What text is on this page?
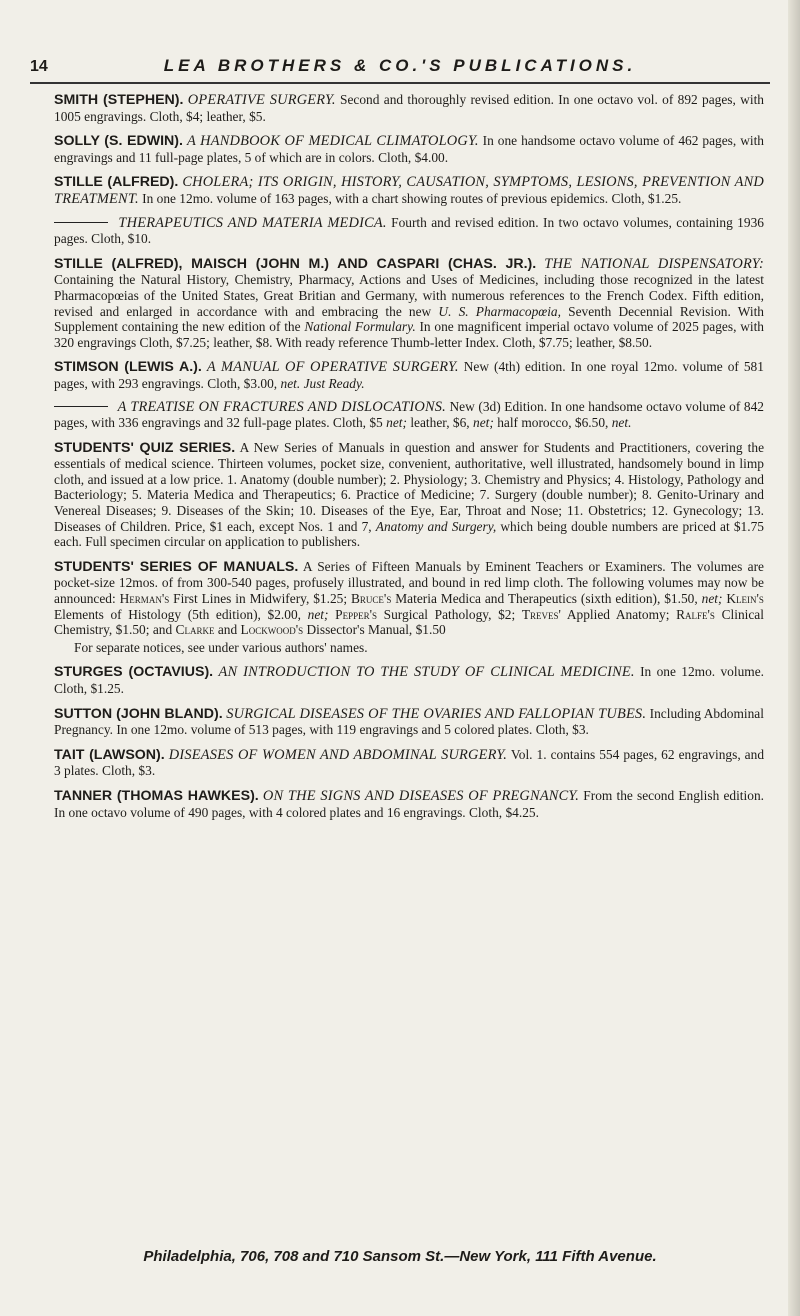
14	LEA BROTHERS & CO.'S PUBLICATIONS.

SMITH (STEPHEN). OPERATIVE SURGERY. Second and thoroughly revised edition. In one octavo vol. of 892 pages, with 1005 engravings. Cloth, $4; leather, $5.

SOLLY (S. EDWIN). A HANDBOOK OF MEDICAL CLIMATOLOGY. In one handsome octavo volume of 462 pages, with engravings and 11 full-page plates, 5 of which are in colors. Cloth, $4.00.

STILLE (ALFRED). CHOLERA; ITS ORIGIN, HISTORY, CAUSATION, SYMPTOMS, LESIONS, PREVENTION AND TREATMENT. In one 12mo. volume of 163 pages, with a chart showing routes of previous epidemics. Cloth, $1.25.

THERAPEUTICS AND MATERIA MEDICA. Fourth and revised edition. In two octavo volumes, containing 1936 pages. Cloth, $10.

STILLE (ALFRED), MAISCH (JOHN M.) AND CASPARI (CHAS. JR.). THE NATIONAL DISPENSATORY: Containing the Natural History, Chemistry, Pharmacy, Actions and Uses of Medicines, including those recognized in the latest Pharmacopœias of the United States, Great Britian and Germany, with numerous references to the French Codex. Fifth edition, revised and enlarged in accordance with and embracing the new U. S. Pharmacopœia, Seventh Decennial Revision. With Supplement containing the new edition of the National Formulary. In one magnificent imperial octavo volume of 2025 pages, with 320 engravings Cloth, $7.25; leather, $8. With ready reference Thumb-letter Index. Cloth, $7.75; leather, $8.50.

STIMSON (LEWIS A.). A MANUAL OF OPERATIVE SURGERY. New (4th) edition. In one royal 12mo. volume of 581 pages, with 293 engravings. Cloth, $3.00, net. Just Ready.

A TREATISE ON FRACTURES AND DISLOCATIONS. New (3d) Edition. In one handsome octavo volume of 842 pages, with 336 engravings and 32 full-page plates. Cloth, $5 net; leather, $6, net; half morocco, $6.50, net.

STUDENTS' QUIZ SERIES. A New Series of Manuals in question and answer for Students and Practitioners, covering the essentials of medical science. Thirteen volumes, pocket size, convenient, authoritative, well illustrated, handsomely bound in limp cloth, and issued at a low price. 1. Anatomy (double number); 2. Physiology; 3. Chemistry and Physics; 4. Histology, Pathology and Bacteriology; 5. Materia Medica and Therapeutics; 6. Practice of Medicine; 7. Surgery (double number); 8. Genito-Urinary and Venereal Diseases; 9. Diseases of the Skin; 10. Diseases of the Eye, Ear, Throat and Nose; 11. Obstetrics; 12. Gynecology; 13. Diseases of Children. Price, $1 each, except Nos. 1 and 7, Anatomy and Surgery, which being double numbers are priced at $1.75 each. Full specimen circular on application to publishers.

STUDENTS' SERIES OF MANUALS. A Series of Fifteen Manuals by Eminent Teachers or Examiners. The volumes are pocket-size 12mos. of from 300-540 pages, profusely illustrated, and bound in red limp cloth. The following volumes may now be announced: Herman's First Lines in Midwifery, $1.25; Bruce's Materia Medica and Therapeutics (sixth edition), $1.50, net; Klein's Elements of Histology (5th edition), $2.00, net; Pepper's Surgical Pathology, $2; Treves' Applied Anatomy; Ralfe's Clinical Chemistry, $1.50; and Clarke and Lockwood's Dissector's Manual, $1.50

For separate notices, see under various authors' names.

STURGES (OCTAVIUS). AN INTRODUCTION TO THE STUDY OF CLINICAL MEDICINE. In one 12mo. volume. Cloth, $1.25.

SUTTON (JOHN BLAND). SURGICAL DISEASES OF THE OVARIES AND FALLOPIAN TUBES. Including Abdominal Pregnancy. In one 12mo. volume of 513 pages, with 119 engravings and 5 colored plates. Cloth, $3.

TAIT (LAWSON). DISEASES OF WOMEN AND ABDOMINAL SURGERY. Vol. 1. contains 554 pages, 62 engravings, and 3 plates. Cloth, $3.

TANNER (THOMAS HAWKES). ON THE SIGNS AND DISEASES OF PREGNANCY. From the second English edition. In one octavo volume of 490 pages, with 4 colored plates and 16 engravings. Cloth, $4.25.

Philadelphia, 706, 708 and 710 Sansom St.—New York, 111 Fifth Avenue.
